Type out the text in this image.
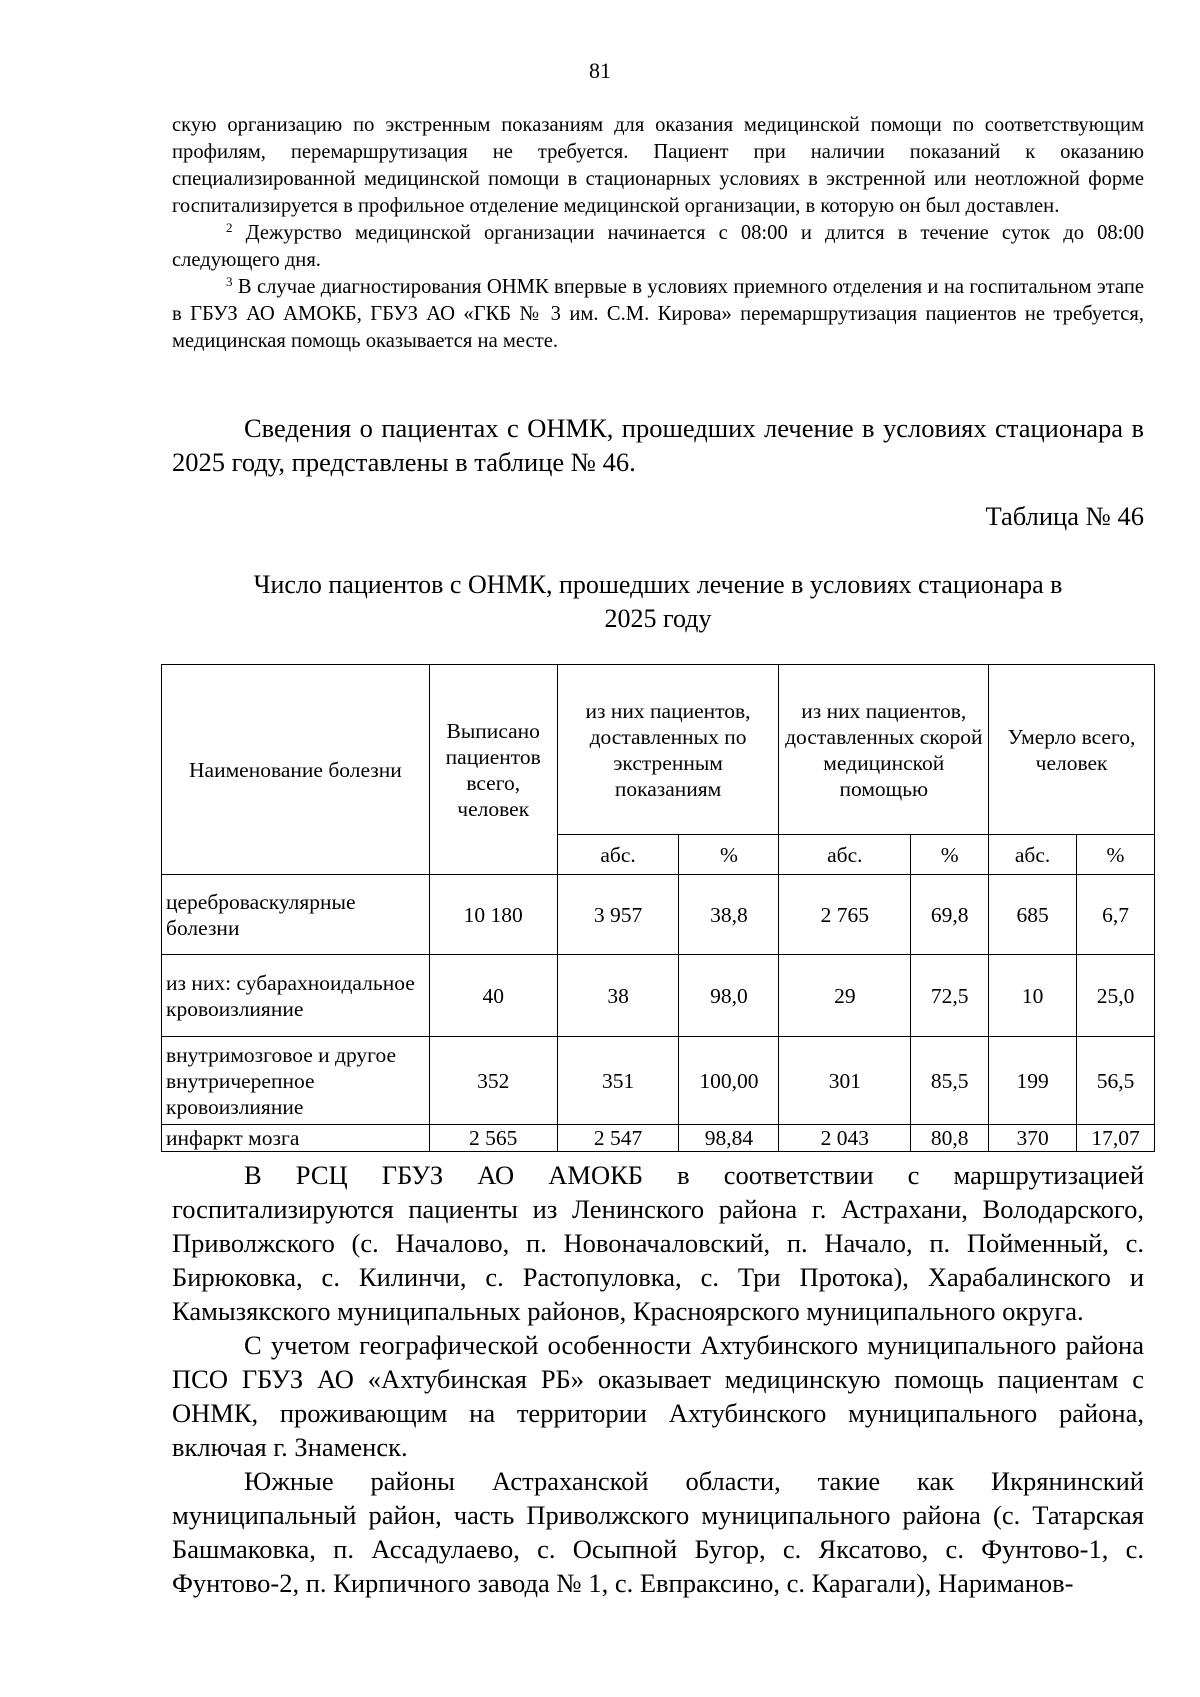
81

скую организацию по экстренным показаниям для оказания медицинской помощи по соответствующим профилям, перемаршрутизация не требуется. Пациент при наличии показаний к оказанию специализированной медицинской помощи в стационарных условиях в экстренной или неотложной форме госпитализируется в профильное отделение медицинской организации, в которую он был доставлен.

$^2$ Дежурство медицинской организации начинается с 08:00 и длится в течение суток до 08:00 следующего дня.

$^3$ В случае диагностирования ОНМК впервые в условиях приемного отделения и на госпитальном этапе в ГБУЗ АО АМОКБ, ГБУЗ АО «ГКБ № 3 им. С.М. Кирова» перемаршрутизация пациентов не требуется, медицинская помощь оказывается на месте.

Сведения о пациентах с ОНМК, прошедших лечение в условиях стационара в 2025 году, представлены в таблице № 46.

Таблица № 46

Число пациентов с ОНМК, прошедших лечение в условиях стационара в
2025 году

Наименование болезни	Выписано пациентов всего, человек	из них пациентов, доставленных по экстренным показаниям		из них пациентов, доставленных скорой медицинской помощью		Умерло всего, человек	
		абс.	%	абс.	%	абс.	%
цереброваскулярные болезни	10 180	3 957	38,8	2 765	69,8	685	6,7
из них: субарахноидальное кровоизлияние	40	38	98,0	29	72,5	10	25,0
внутримозговое и другое внутричерепное кровоизлияние	352	351	100,00	301	85,5	199	56,5
инфаркт мозга	2 565	2 547	98,84	2 043	80,8	370	17,07

В РСЦ ГБУЗ АО АМОКБ в соответствии с маршрутизацией госпитализируются пациенты из Ленинского района г. Астрахани, Володарского, Приволжского (с. Началово, п. Новоначаловский, п. Начало, п. Пойменный, с. Бирюковка, с. Килинчи, с. Растопуловка, с. Три Протока), Харабалинского и Камызякского муниципальных районов, Красноярского муниципального округа.

С учетом географической особенности Ахтубинского муниципального района ПСО ГБУЗ АО «Ахтубинская РБ» оказывает медицинскую помощь пациентам с ОНМК, проживающим на территории Ахтубинского муниципального района, включая г. Знаменск.

Южные районы Астраханской области, такие как Икрянинский муниципальный район, часть Приволжского муниципального района (с. Татарская Башмаковка, п. Ассадулаево, с. Осыпной Бугор, с. Яксатово, с. Фунтово-1, с. Фунтово-2, п. Кирпичного завода № 1, с. Евпраксино, с. Карагали), Нариманов-
